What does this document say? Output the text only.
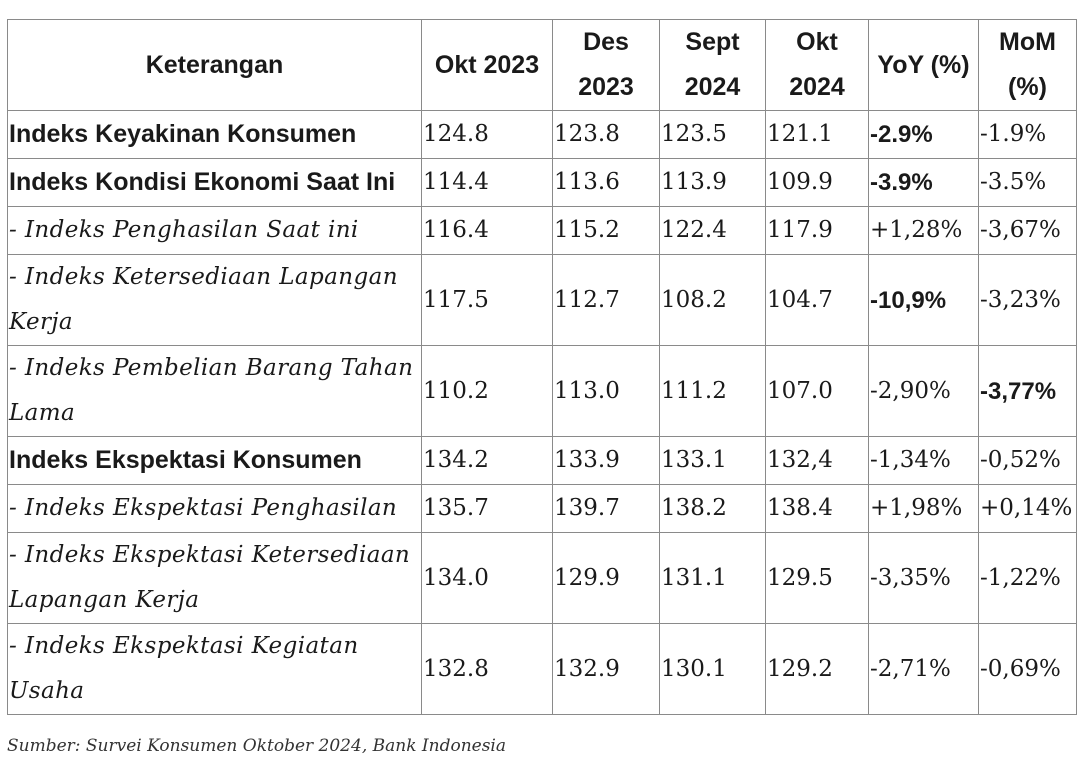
Keterangan	Okt 2023	Des 2023	Sept 2024	Okt 2024	YoY (%)	MoM (%)
Indeks Keyakinan Konsumen	124.8	123.8	123.5	121.1	-2.9%	-1.9%
Indeks Kondisi Ekonomi Saat Ini	114.4	113.6	113.9	109.9	-3.9%	-3.5%
- Indeks Penghasilan Saat ini	116.4	115.2	122.4	117.9	+1,28%	-3,67%
- Indeks Ketersediaan Lapangan Kerja	117.5	112.7	108.2	104.7	-10,9%	-3,23%
- Indeks Pembelian Barang Tahan Lama	110.2	113.0	111.2	107.0	-2,90%	-3,77%
Indeks Ekspektasi Konsumen	134.2	133.9	133.1	132,4	-1,34%	-0,52%
- Indeks Ekspektasi Penghasilan	135.7	139.7	138.2	138.4	+1,98%	+0,14%
- Indeks Ekspektasi Ketersediaan Lapangan Kerja	134.0	129.9	131.1	129.5	-3,35%	-1,22%
- Indeks Ekspektasi Kegiatan Usaha	132.8	132.9	130.1	129.2	-2,71%	-0,69%
Sumber: Survei Konsumen Oktober 2024, Bank Indonesia
